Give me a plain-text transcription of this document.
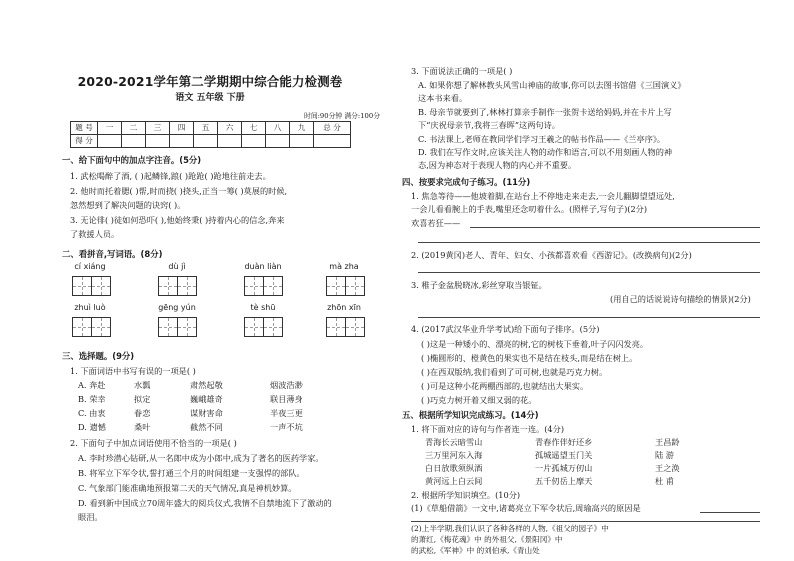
2020-2021学年第二学期期中综合能力检测卷
语文 五年级 下册
时间:90分钟 满分:100分
题 号	一	二	三	四	五	六	七	八	九	总 分
得 分										
一、给下面句中的加点字注音。(5分)
1. 武松喝醉了酒, ( )起鳞锋,踉( )跄跄( )跄地往前走去。
2. 他时而托着腮( )帮,时而挠( )挠头,正当一筹( )莫展的时候,
忽然想到了解决问题的诀窍( )。
3. 无论徘( )徒如何恐吓( ),他始终秉( )持着内心的信念,奔来
了救援人员。
二、看拼音,写词语。(8分)
cí xiáng	dù jì	duàn liàn	mà zha
zhuì luò	gēng yún	tè shū	zhōn xīn
三、选择题。(9分)
1. 下面词语中书写有误的一项是( )
A. 奔赴	水瓢	肃然起敬	烟波浩渺
B. 荣幸	拟定	巍峨雄奇	联目薄身
C. 由衷	眷恋	谋财害命	半夜三更
D. 遗憾	桑叶	截然不同	一声不坑
2. 下面句子中加点词语使用不恰当的一项是( )
A. 李时珍潜心钻研,从一名郎中成为小郎中,成为了著名的医药学家。
B. 将军立下军令状,誓打通三个月的时间组建一支强悍的部队。
C. 气象部门能准确地预报第二天的天气情况,真是神机妙算。
D. 看到新中国成立70周年盛大的阅兵仪式,我情不自禁地流下了激动的
眼泪。
3. 下面说法正确的一项是( )
A. 如果你想了解林教头风雪山神庙的故事,你可以去图书馆借《三国演义》
这本书来看。
B. 母亲节就要到了,林林打算亲手制作一张贺卡送给妈妈,并在卡片上写
下“庆祝母亲节,我将三春晖”这两句诗。
C. 书法课上,老师在教同学们学习王羲之的帖书作品——《兰亭序》。
D. 我们在写作文时,应该关注人物的动作和语言,可以不用刻画人物的神
态,因为神态对于表现人物的内心并不重要。
四、按要求完成句子练习。(11分)
1. 焦急等待——他坡着脚,在站台上不停地走来走去,一会儿翻脚望望远处,
一会儿看看腕上的手表,嘴里还念叨着什么。(照样子,写句子)(2分)
欢喜若狂——
2. (2019黄冈)老人、青年、妇女、小孩都喜欢看《西游记》。(改换病句)(2分)
3. 稚子金盆脱晓冰,彩丝穿取当银钲。
(用自己的话说说诗句描绘的情景)(2分)
4. (2017武汉华业升学考试)给下面句子排序。(5分)
( )这是一种矮小的、漂亮的树,它的树枝下垂着,叶子闪闪发亮。
( )椭圆形的、橙黄色的果实也不是结在枝头,而是结在树上。
( )在西双版纳,我们看到了可可树,也就是巧克力树。
( )可是这种小花两棚西部的,也就结出大果实。
( )巧克力树开着又细又弱的花。
五、根据所学知识完成练习。(14分)
1. 将下面对应的诗句与作者连一连。(4分)
青海长云暗雪山	青春作伴好还乡	王昌龄
三万里河东入海	孤城遥望玉门关	陆 游
白日放歌须纵酒	一片孤城万仞山	王之涣
黄河远上白云间	五千仞岳上摩天	杜 甫
2. 根据所学知识填空。(10分)
(1)《草船借箭》一文中,诸葛亮立下军令状后,周瑜高兴的原因是
(2)上半学期,我们认识了各种各样的人物,《祖父的园子》中
的萧红,《梅花魂》中 的外祖父,《景阳冈》中
的武松,《军神》中 的刘伯承,《青山处
